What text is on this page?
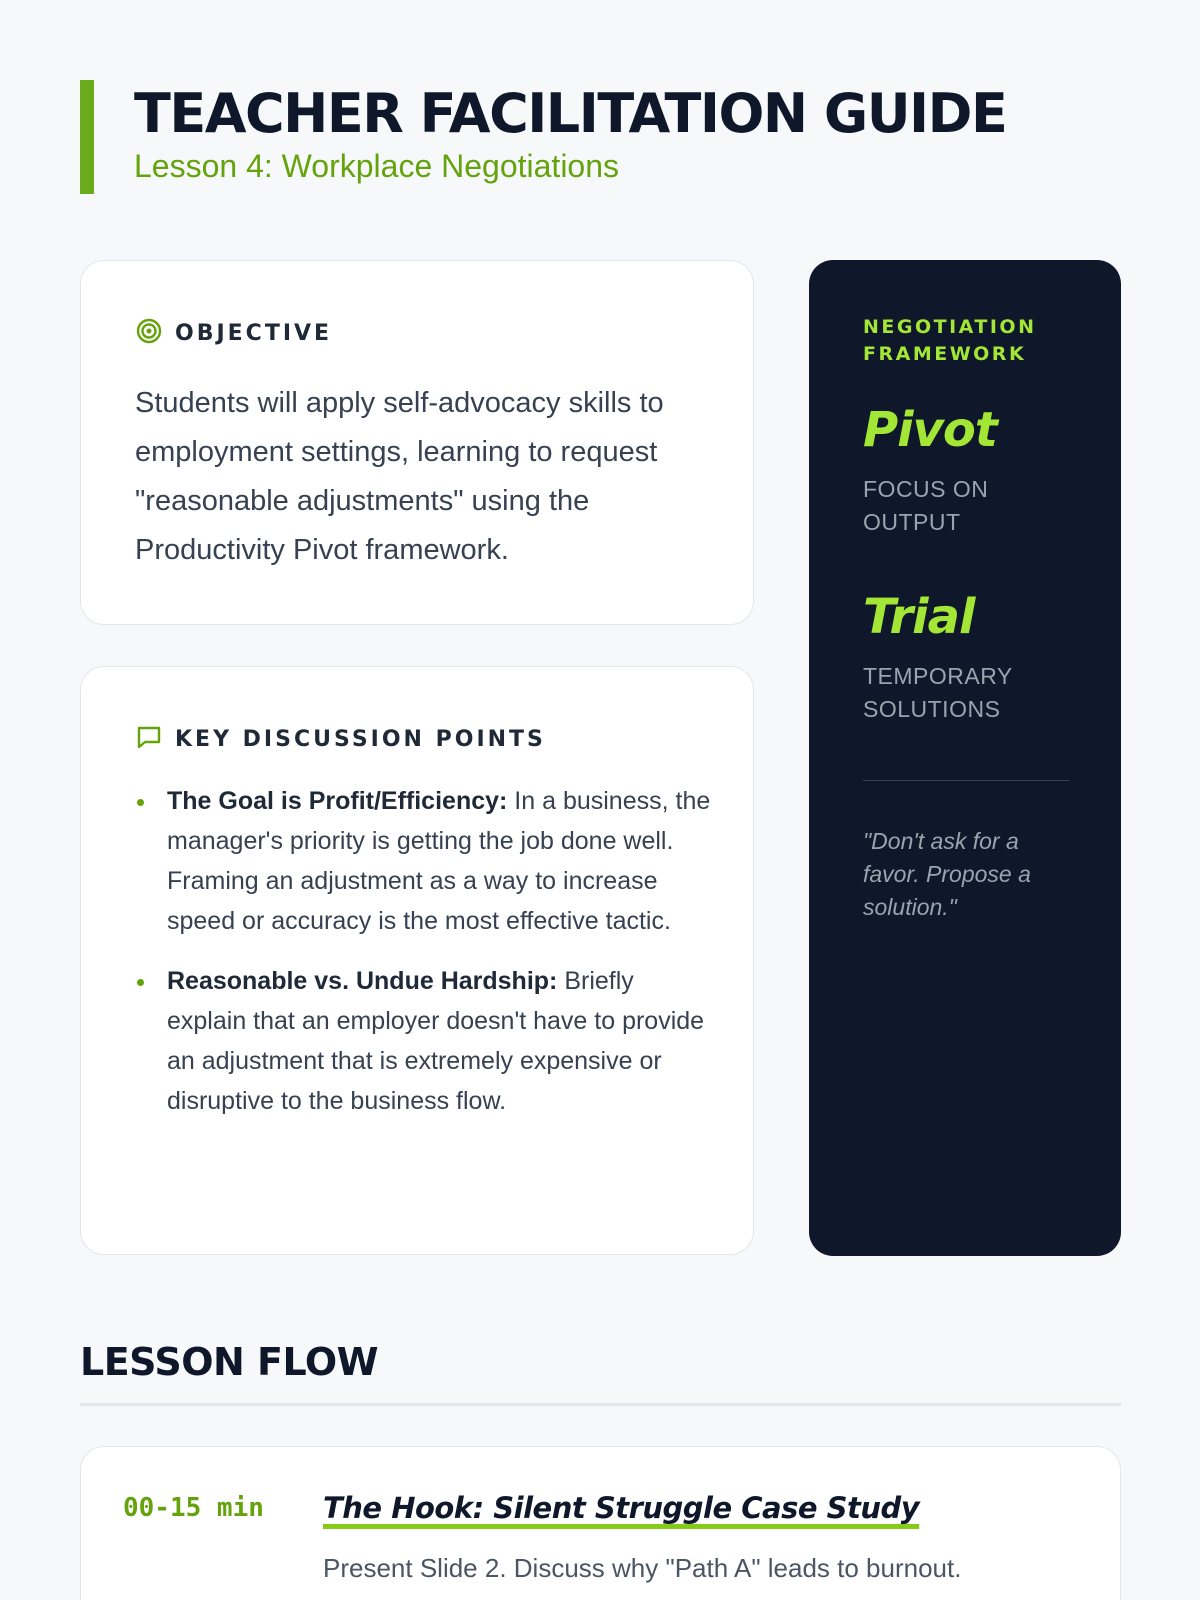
TEACHER FACILITATION GUIDE
Lesson 4: Workplace Negotiations
OBJECTIVE

Students will apply self-advocacy skills to employment settings, learning to request "reasonable adjustments" using the Productivity Pivot framework.

KEY DISCUSSION POINTS
The Goal is Profit/Efficiency: In a business, the manager's priority is getting the job done well. Framing an adjustment as a way to increase speed or accuracy is the most effective tactic.
Reasonable vs. Undue Hardship: Briefly explain that an employer doesn't have to provide an adjustment that is extremely expensive or disruptive to the business flow.
NEGOTIATION FRAMEWORK
Pivot
FOCUS ON OUTPUT
Trial
TEMPORARY SOLUTIONS

"Don't ask for a favor. Propose a solution."

LESSON FLOW
00-15 min The Hook: Silent Struggle Case Study

Present Slide 2. Discuss why "Path A" leads to burnout.
